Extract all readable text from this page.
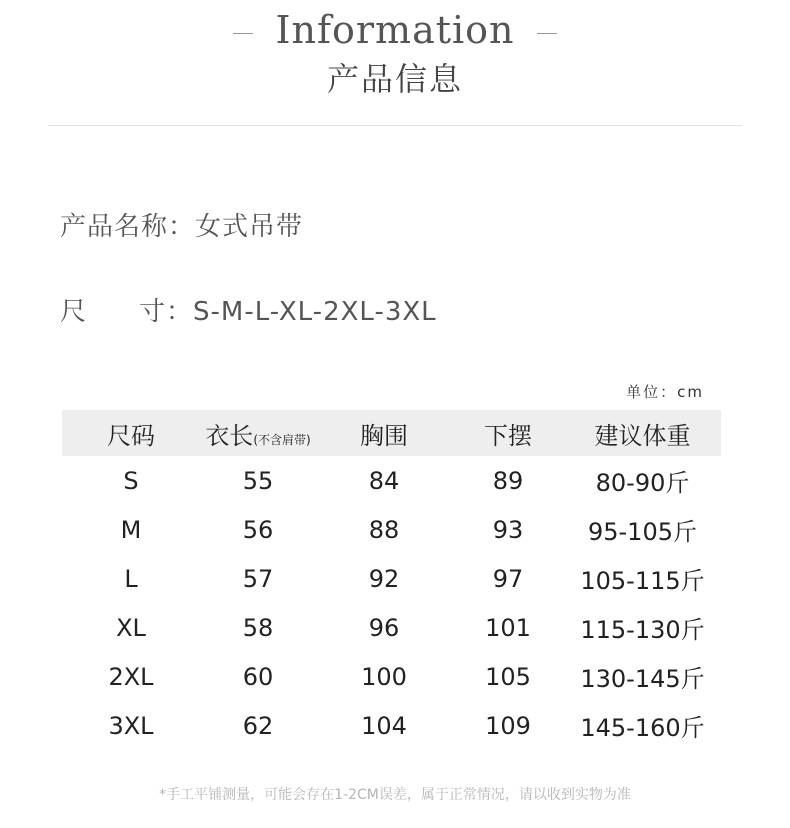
Information
产品信息
产品名称：女式吊带
尺 寸：S-M-L-XL-2XL-3XL
单位：cm
尺码	衣长(不含肩带)	胸围	下摆	建议体重
S	55	84	89	80-90斤
M	56	88	93	95-105斤
L	57	92	97	105-115斤
XL	58	96	101	115-130斤
2XL	60	100	105	130-145斤
3XL	62	104	109	145-160斤
*手工平铺测量，可能会存在1-2CM误差，属于正常情况，请以收到实物为准
